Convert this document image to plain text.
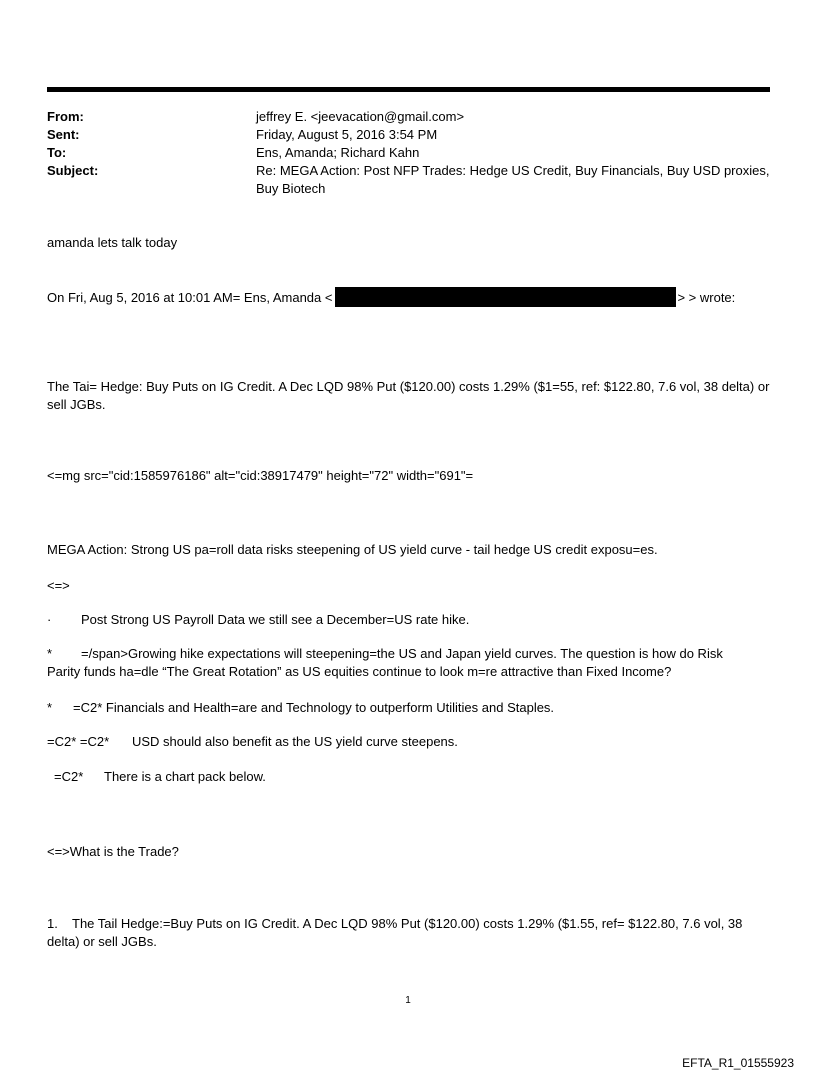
From:	jeffrey E. <jeevacation@gmail.com>
Sent:	Friday, August 5, 2016 3:54 PM
To:	Ens, Amanda; Richard Kahn
Subject:	Re: MEGA Action: Post NFP Trades: Hedge US Credit, Buy Financials, Buy USD proxies, Buy Biotech
amanda lets talk today
On Fri, Aug 5, 2016 at 10:01 AM= Ens, Amanda <	> > wrote:
The Tai= Hedge: Buy Puts on IG Credit. A Dec LQD 98% Put ($120.00) costs 1.29% ($1=55, ref: $122.80, 7.6 vol, 38 delta) or sell JGBs.
<=mg src="cid:1585976186" alt="cid:38917479" height="72" width="691"=
MEGA Action: Strong US pa=roll data risks steepening of US yield curve - tail hedge US credit exposu=es.
<=>
· Post Strong US Payroll Data we still see a December=US rate hike.
* =/span>Growing hike expectations will steepening=the US and Japan yield curves. The question is how do Risk
Parity funds ha=dle “The Great Rotation” as US equities continue to look m=re attractive than Fixed Income?
* =C2* Financials and Health=are and Technology to outperform Utilities and Staples.
=C2* =C2* USD should also benefit as the US yield curve steepens.
=C2* There is a chart pack below.
<=>What is the Trade?
1. The Tail Hedge:=Buy Puts on IG Credit. A Dec LQD 98% Put ($120.00) costs 1.29% ($1.55, ref= $122.80, 7.6 vol, 38
delta) or sell JGBs.
1
EFTA_R1_01555923
